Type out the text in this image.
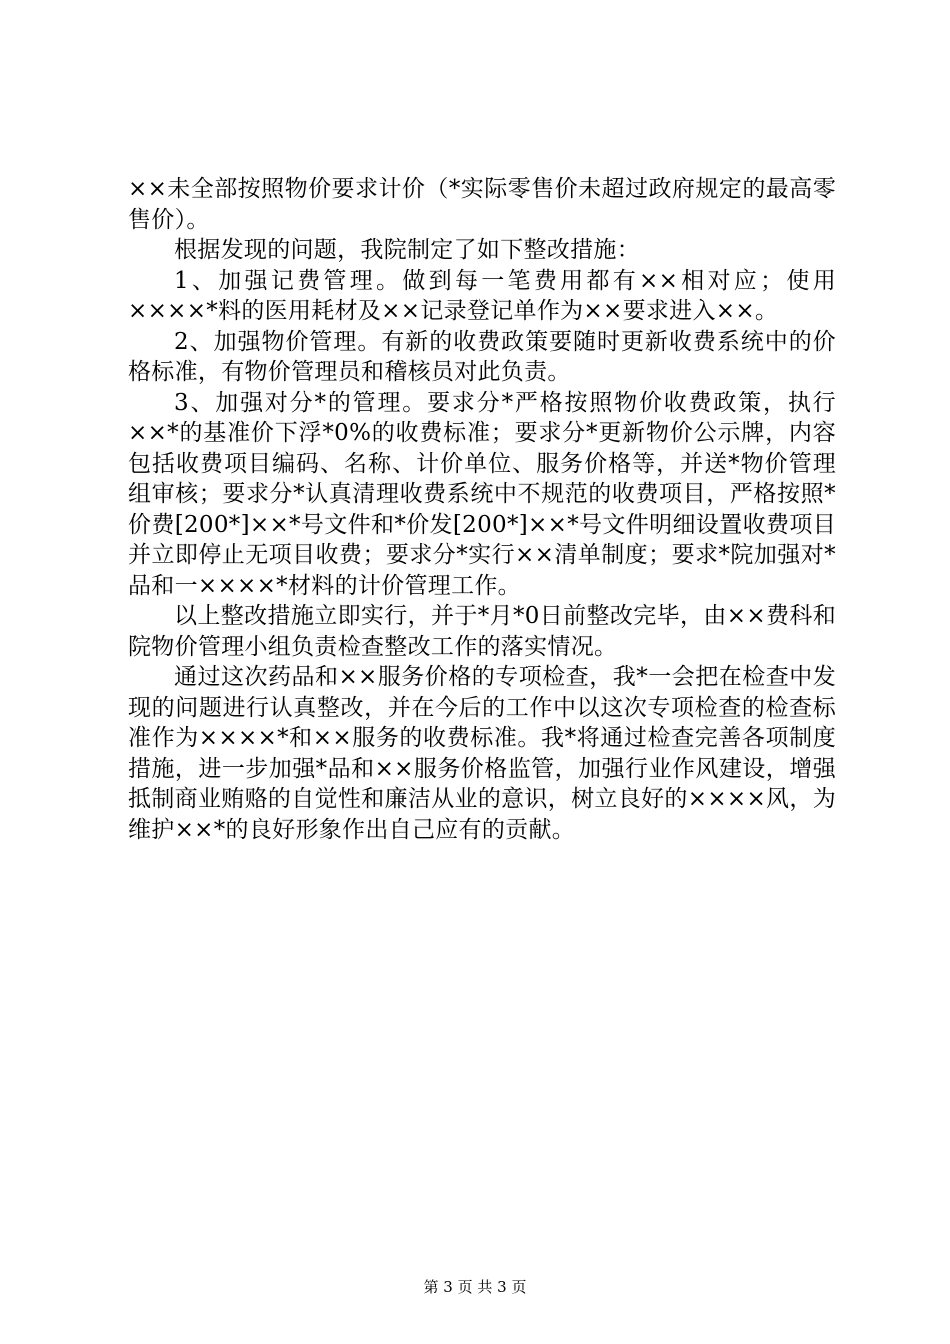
××未全部按照物价要求计价（*实际零售价未超过政府规定的最高零售价）。

根据发现的问题，我院制定了如下整改措施：

1、加强记费管理。做到每一笔费用都有××相对应；使用××××*料的医用耗材及××记录登记单作为××要求进入××。

2、加强物价管理。有新的收费政策要随时更新收费系统中的价格标准，有物价管理员和稽核员对此负责。

3、加强对分*的管理。要求分*严格按照物价收费政策，执行××*的基准价下浮*0%的收费标准；要求分*更新物价公示牌，内容包括收费项目编码、名称、计价单位、服务价格等，并送*物价管理组审核；要求分*认真清理收费系统中不规范的收费项目，严格按照*价费[200*]××*号文件和*价发[200*]××*号文件明细设置收费项目并立即停止无项目收费；要求分*实行××清单制度；要求*院加强对*品和一××××*材料的计价管理工作。

以上整改措施立即实行，并于*月*0日前整改完毕，由××费科和院物价管理小组负责检查整改工作的落实情况。

通过这次药品和××服务价格的专项检查，我*一会把在检查中发现的问题进行认真整改，并在今后的工作中以这次专项检查的检查标准作为××××*和××服务的收费标准。我*将通过检查完善各项制度措施，进一步加强*品和××服务价格监管，加强行业作风建设，增强抵制商业贿赂的自觉性和廉洁从业的意识，树立良好的××××风，为维护××*的良好形象作出自己应有的贡献。

第 3 页 共 3 页
